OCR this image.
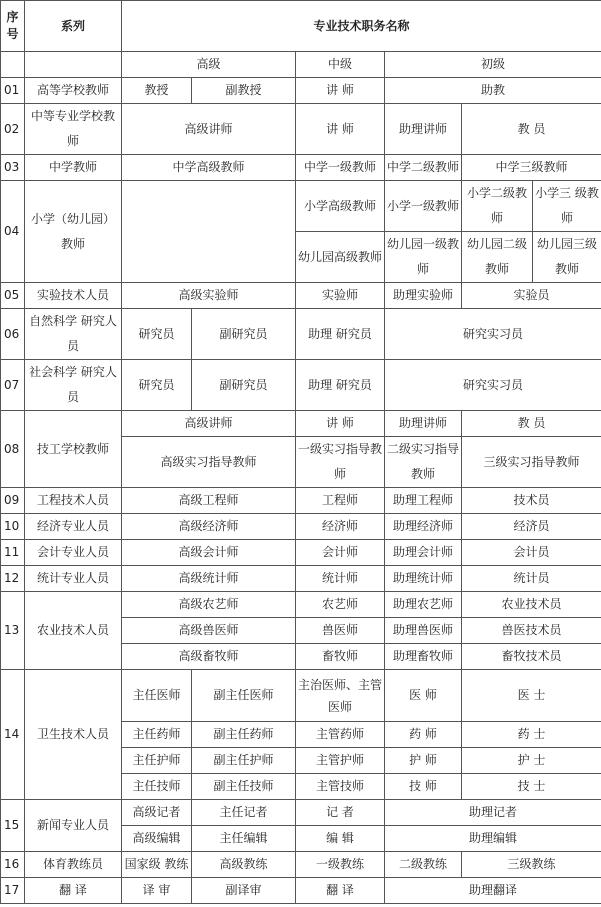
序号	系列	专业技术职务名称					
		高级		中级	初级		
01	高等学校教师	教授	副教授	讲 师	助教		
02	中等专业学校教师	高级讲师		讲 师	助理讲师	教 员	
03	中学教师	中学高级教师		中学一级教师	中学二级教师	中学三级教师	
04	小学（幼儿园）教师			小学高级教师	小学一级教师	小学二级教师	小学三 级教师
				幼儿园高级教师	幼儿园一级教师	幼儿园二级教师	幼儿园三级教师
05	实验技术人员	高级实验师		实验师	助理实验师	实验员	
06	自然科学 研究人员	研究员	副研究员	助理 研究员	研究实习员		
07	社会科学 研究人员	研究员	副研究员	助理 研究员	研究实习员		
08	技工学校教师	高级讲师		讲 师	助理讲师	教 员	
		高级实习指导教师		一级实习指导教师	二级实习指导教师	三级实习指导教师	
09	工程技术人员	高级工程师		工程师	助理工程师	技术员	
10	经济专业人员	高级经济师		经济师	助理经济师	经济员	
11	会计专业人员	高级会计师		会计师	助理会计师	会计员	
12	统计专业人员	高级统计师		统计师	助理统计师	统计员	
13	农业技术人员	高级农艺师		农艺师	助理农艺师	农业技术员	
		高级兽医师		兽医师	助理兽医师	兽医技术员	
		高级畜牧师		畜牧师	助理畜牧师	畜牧技术员	
14	卫生技术人员	主任医师	副主任医师	主治医师、主管医师	医 师	医 士	
		主任药师	副主任药师	主管药师	药 师	药 士	
		主任护师	副主任护师	主管护师	护 师	护 士	
		主任技师	副主任技师	主管技师	技 师	技 士	
15	新闻专业人员	高级记者	主任记者	记 者	助理记者		
		高级编辑	主任编辑	编 辑	助理编辑		
16	体育教练员	国家级 教练	高级教练	一级教练	二级教练	三级教练	
17	翻 译	译 审	副译审	翻 译	助理翻译		
